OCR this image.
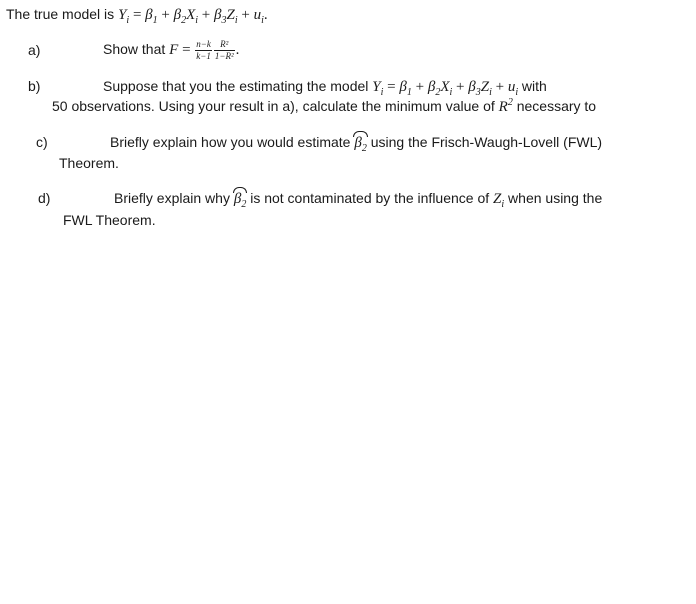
The true model is $Y_i = \beta_1 + \beta_2X_i + \beta_3Z_i + u_i$.
a)	Show that $F = \frac{n-k}{k-1} \frac{\text{R²}}{\text{1−R²}}$ .
b)	Suppose that you the estimating the model $Y_i = \beta_1 + \beta_2X_i + \beta_3Z_i + u_i$ with
50 observations. Using your result in a), calculate the minimum value of $R^2$ necessary to
c)	Briefly explain how you would estimate $\beta_2$ using the Frisch-Waugh-Lovell (FWL)
Theorem.
d)	Briefly explain why $\beta_2$ is not contaminated by the influence of $Z_i$ when using the
FWL Theorem.
